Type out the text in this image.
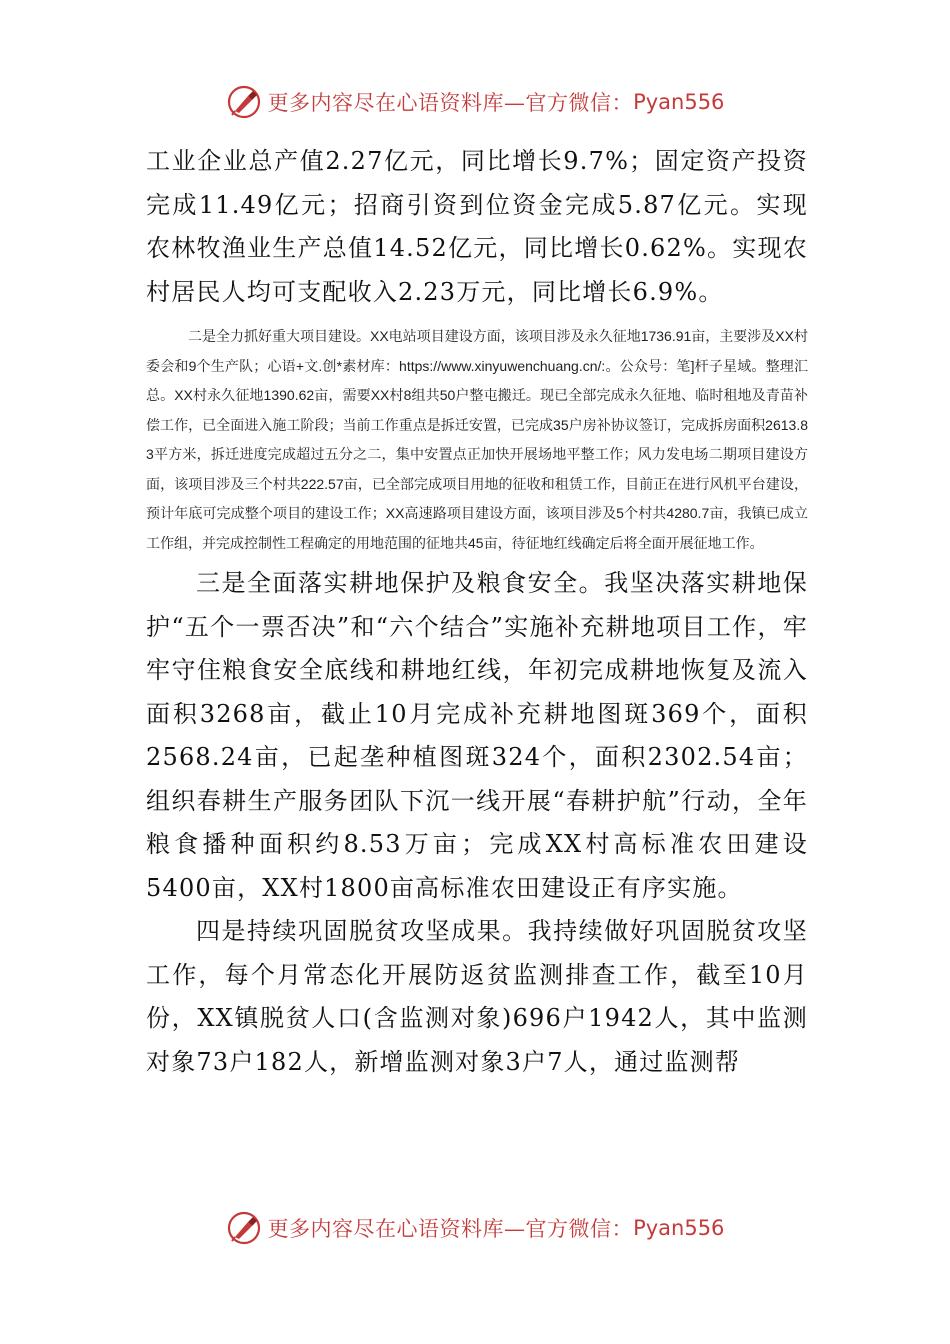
更多内容尽在心语资料库—官方微信： Pyan556

工业企业总产值2.27亿元，同比增长9.7%；固定资产投资完成11.49亿元；招商引资到位资金完成5.87亿元。实现农林牧渔业生产总值14.52亿元，同比增长0.62%。实现农村居民人均可支配收入2.23万元，同比增长6.9%。

二是全力抓好重大项目建设。XX电站项目建设方面，该项目涉及永久征地1736.91亩，主要涉及XX村委会和9个生产队；心语+文.创*素材库：https://www.xinyuwenchuang.cn/:。公众号：笔]杆子星域。整理汇总。XX村永久征地1390.62亩，需要XX村8组共50户整屯搬迁。现已全部完成永久征地、临时租地及青苗补偿工作，已全面进入施工阶段；当前工作重点是拆迁安置，已完成35户房补协议签订，完成拆房面积2613.83平方米，拆迁进度完成超过五分之二，集中安置点正加快开展场地平整工作；风力发电场二期项目建设方面，该项目涉及三个村共222.57亩，已全部完成项目用地的征收和租赁工作，目前正在进行风机平台建设，预计年底可完成整个项目的建设工作；XX高速路项目建设方面，该项目涉及5个村共4280.7亩，我镇已成立工作组，并完成控制性工程确定的用地范围的征地共45亩，待征地红线确定后将全面开展征地工作。

三是全面落实耕地保护及粮食安全。我坚决落实耕地保护“五个一票否决”和“六个结合”实施补充耕地项目工作，牢牢守住粮食安全底线和耕地红线，年初完成耕地恢复及流入面积3268亩，截止10月完成补充耕地图斑369个，面积2568.24亩，已起垄种植图斑324个，面积2302.54亩；组织春耕生产服务团队下沉一线开展“春耕护航”行动，全年粮食播种面积约8.53万亩；完成XX村高标准农田建设5400亩，XX村1800亩高标准农田建设正有序实施。

四是持续巩固脱贫攻坚成果。我持续做好巩固脱贫攻坚工作，每个月常态化开展防返贫监测排查工作，截至10月份，XX镇脱贫人口(含监测对象)696户1942人，其中监测对象73户182人，新增监测对象3户7人，通过监测帮

更多内容尽在心语资料库—官方微信： Pyan556
